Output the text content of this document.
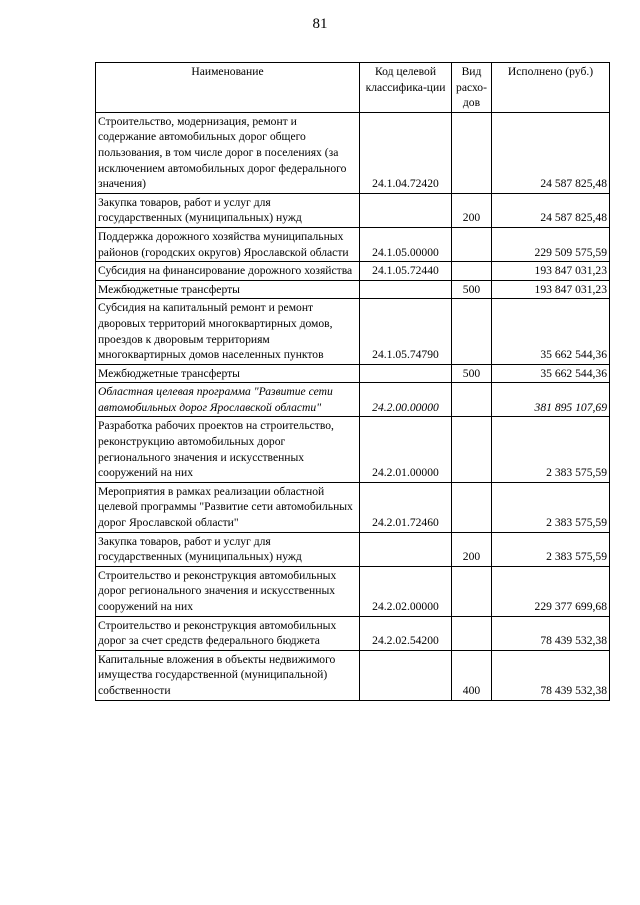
81
Наименование	Код целевой классифика-ции	Вид расхо-дов	Исполнено (руб.)
Строительство, модернизация, ремонт и содержание автомобильных дорог общего пользования, в том числе дорог в поселениях (за исключением автомобильных дорог федерального значения)	24.1.04.72420		24 587 825,48
Закупка товаров, работ и услуг для государственных (муниципальных) нужд		200	24 587 825,48
Поддержка дорожного хозяйства муниципальных районов (городских округов) Ярославской области	24.1.05.00000		229 509 575,59
Субсидия на финансирование дорожного хозяйства	24.1.05.72440		193 847 031,23
Межбюджетные трансферты		500	193 847 031,23
Субсидия на капитальный ремонт и ремонт дворовых территорий многоквартирных домов, проездов к дворовым территориям многоквартирных домов населенных пунктов	24.1.05.74790		35 662 544,36
Межбюджетные трансферты		500	35 662 544,36
Областная целевая программа "Развитие сети автомобильных дорог Ярославской области"	24.2.00.00000		381 895 107,69
Разработка рабочих проектов на строительство, реконструкцию автомобильных дорог регионального значения и искусственных сооружений на них	24.2.01.00000		2 383 575,59
Мероприятия в рамках реализации областной целевой программы "Развитие сети автомобильных дорог Ярославской области"	24.2.01.72460		2 383 575,59
Закупка товаров, работ и услуг для государственных (муниципальных) нужд		200	2 383 575,59
Строительство и реконструкция автомобильных дорог регионального значения и искусственных сооружений на них	24.2.02.00000		229 377 699,68
Строительство и реконструкция автомобильных дорог за счет средств федерального бюджета	24.2.02.54200		78 439 532,38
Капитальные вложения в объекты недвижимого имущества государственной (муниципальной) собственности		400	78 439 532,38
